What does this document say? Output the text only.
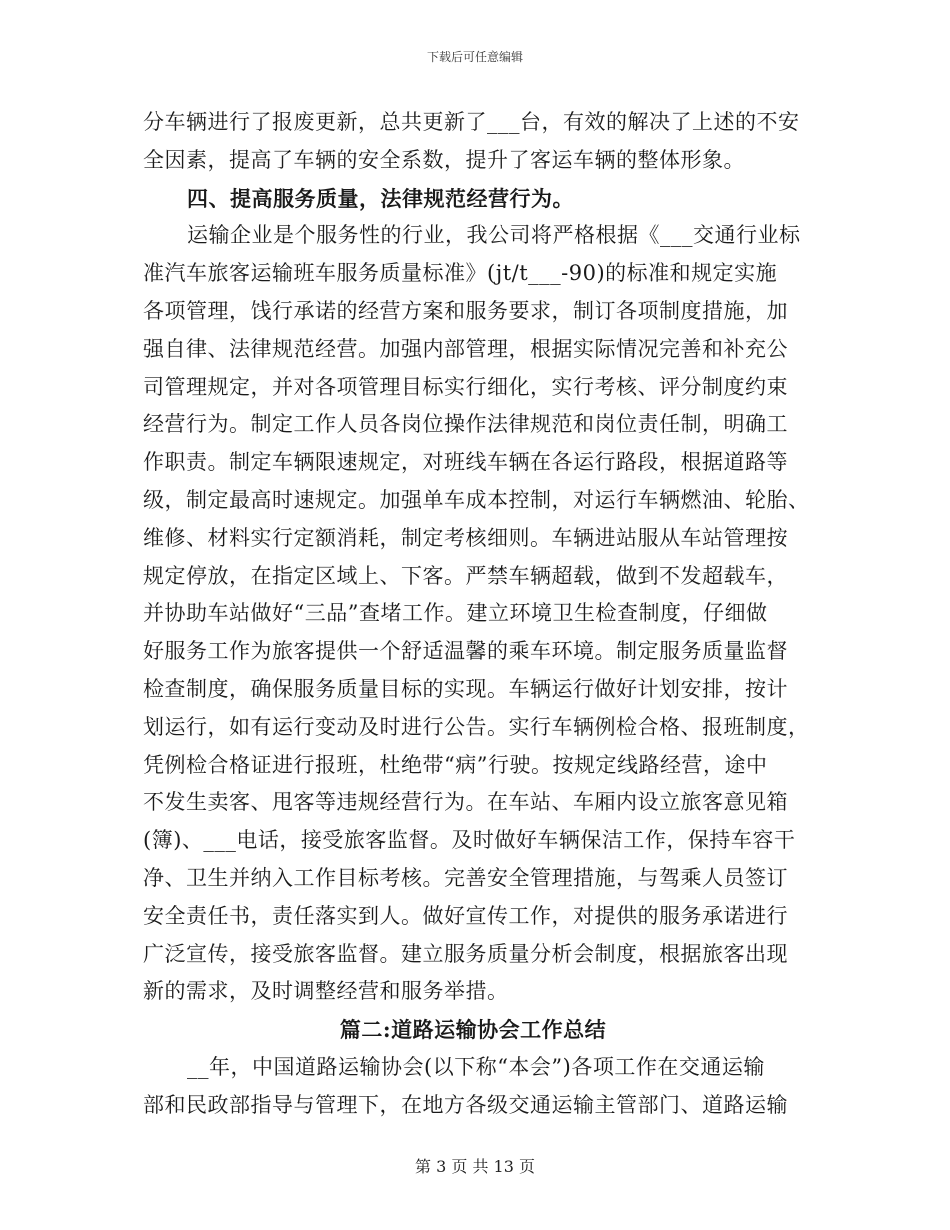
下载后可任意编辑
分车辆进行了报废更新，总共更新了___台，有效的解决了上述的不安
全因素，提高了车辆的安全系数，提升了客运车辆的整体形象。
四、提高服务质量，法律规范经营行为。
运输企业是个服务性的行业，我公司将严格根据《___交通行业标
准汽车旅客运输班车服务质量标准》(jt/t___-90)的标准和规定实施
各项管理，饯行承诺的经营方案和服务要求，制订各项制度措施，加
强自律、法律规范经营。加强内部管理，根据实际情况完善和补充公
司管理规定，并对各项管理目标实行细化，实行考核、评分制度约束
经营行为。制定工作人员各岗位操作法律规范和岗位责任制，明确工
作职责。制定车辆限速规定，对班线车辆在各运行路段，根据道路等
级，制定最高时速规定。加强单车成本控制，对运行车辆燃油、轮胎、
维修、材料实行定额消耗，制定考核细则。车辆进站服从车站管理按
规定停放，在指定区域上、下客。严禁车辆超载，做到不发超载车，
并协助车站做好“三品”查堵工作。建立环境卫生检查制度，仔细做
好服务工作为旅客提供一个舒适温馨的乘车环境。制定服务质量监督
检查制度，确保服务质量目标的实现。车辆运行做好计划安排，按计
划运行，如有运行变动及时进行公告。实行车辆例检合格、报班制度，
凭例检合格证进行报班，杜绝带“病”行驶。按规定线路经营，途中
不发生卖客、甩客等违规经营行为。在车站、车厢内设立旅客意见箱
(簿)、___电话，接受旅客监督。及时做好车辆保洁工作，保持车容干
净、卫生并纳入工作目标考核。完善安全管理措施，与驾乘人员签订
安全责任书，责任落实到人。做好宣传工作，对提供的服务承诺进行
广泛宣传，接受旅客监督。建立服务质量分析会制度，根据旅客出现
新的需求，及时调整经营和服务举措。
篇二:道路运输协会工作总结
__年，中国道路运输协会(以下称“本会”)各项工作在交通运输
部和民政部指导与管理下，在地方各级交通运输主管部门、道路运输
第 3 页 共 13 页
